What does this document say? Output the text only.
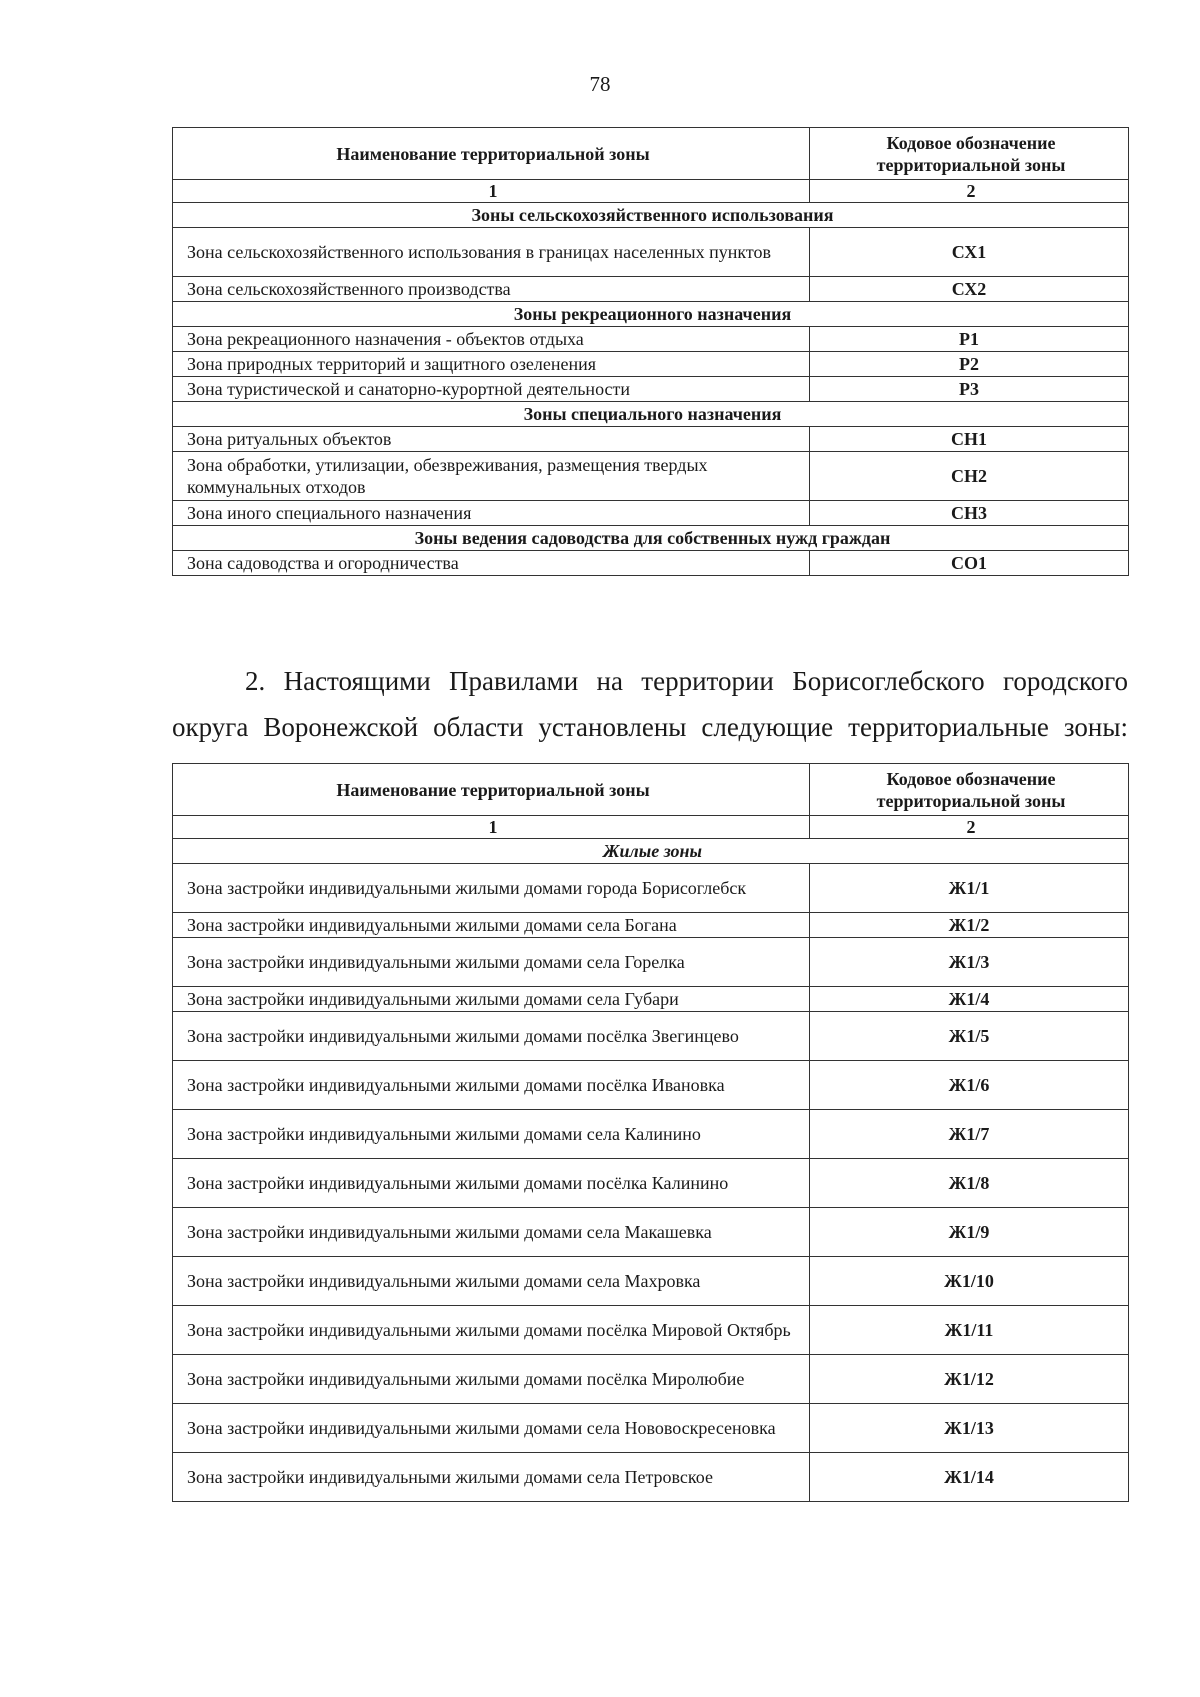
78
Наименование территориальной зоны	Кодовое обозначение территориальной зоны
1	2
Зоны сельскохозяйственного использования	
Зона сельскохозяйственного использования в границах населенных пунктов	СХ1
Зона сельскохозяйственного производства	СХ2
Зоны рекреационного назначения	
Зона рекреационного назначения - объектов отдыха	Р1
Зона природных территорий и защитного озеленения	Р2
Зона туристической и санаторно-курортной деятельности	Р3
Зоны специального назначения	
Зона ритуальных объектов	СН1
Зона обработки, утилизации, обезвреживания, размещения твердых коммунальных отходов	СН2
Зона иного специального назначения	СН3
Зоны ведения садоводства для собственных нужд граждан	
Зона садоводства и огородничества	СО1
2. Настоящими Правилами на территории Борисоглебского городского
округа Воронежской области установлены следующие территориальные зоны:
Наименование территориальной зоны	Кодовое обозначение территориальной зоны
1	2
Жилые зоны	
Зона застройки индивидуальными жилыми домами города Борисоглебск	Ж1/1
Зона застройки индивидуальными жилыми домами села Богана	Ж1/2
Зона застройки индивидуальными жилыми домами села Горелка	Ж1/3
Зона застройки индивидуальными жилыми домами села Губари	Ж1/4
Зона застройки индивидуальными жилыми домами посёлка Звегинцево	Ж1/5
Зона застройки индивидуальными жилыми домами посёлка Ивановка	Ж1/6
Зона застройки индивидуальными жилыми домами села Калинино	Ж1/7
Зона застройки индивидуальными жилыми домами посёлка Калинино	Ж1/8
Зона застройки индивидуальными жилыми домами села Макашевка	Ж1/9
Зона застройки индивидуальными жилыми домами села Махровка	Ж1/10
Зона застройки индивидуальными жилыми домами посёлка Мировой Октябрь	Ж1/11
Зона застройки индивидуальными жилыми домами посёлка Миролюбие	Ж1/12
Зона застройки индивидуальными жилыми домами села Нововоскресеновка	Ж1/13
Зона застройки индивидуальными жилыми домами села Петровское	Ж1/14
